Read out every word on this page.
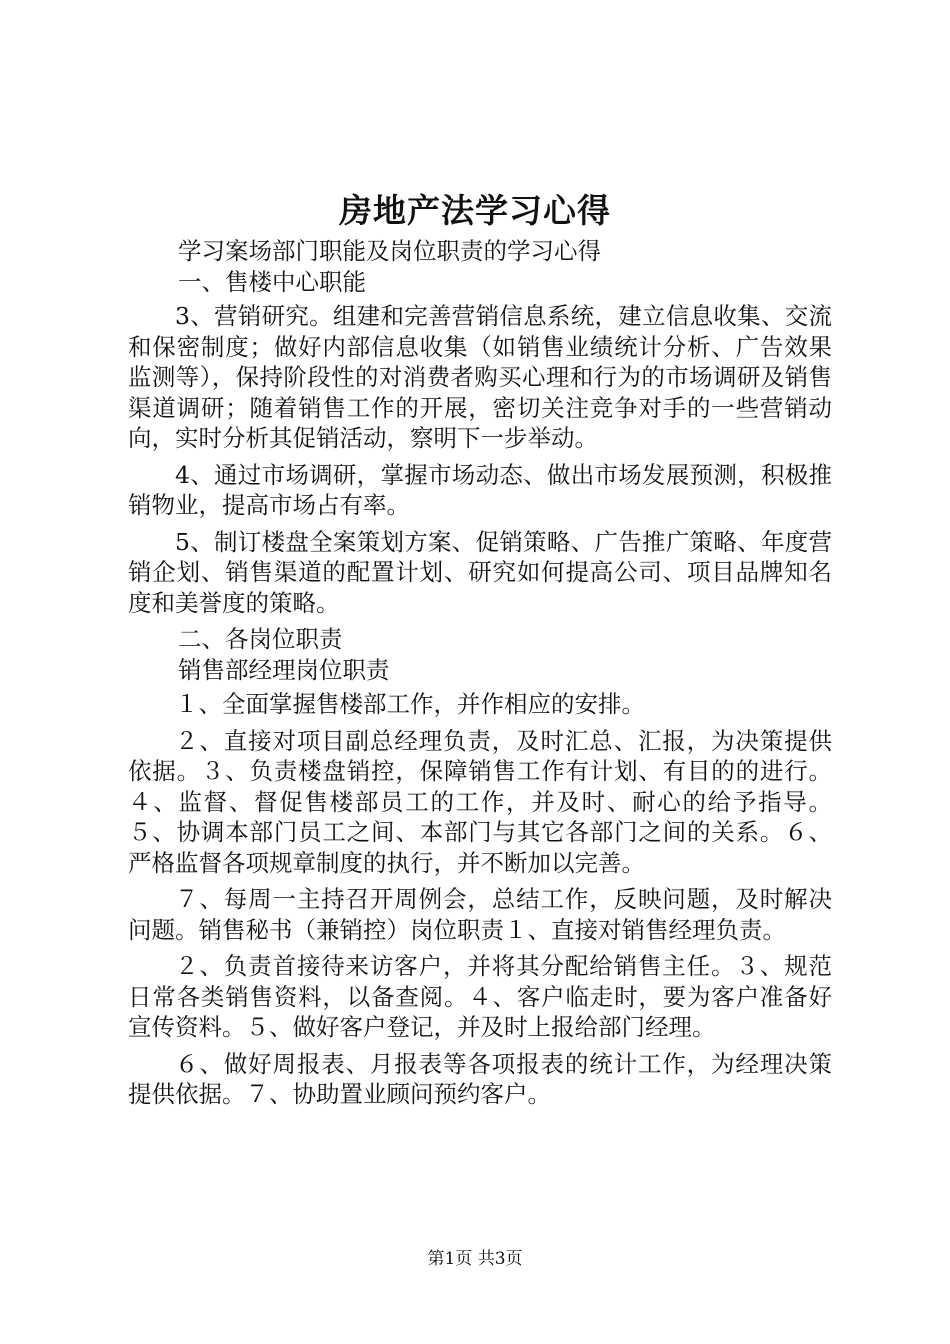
房地产法学习心得
学习案场部门职能及岗位职责的学习心得
一、售楼中心职能
3、营销研究。组建和完善营销信息系统，建立信息收集、交流和保密制度；做好内部信息收集（如销售业绩统计分析、广告效果监测等），保持阶段性的对消费者购买心理和行为的市场调研及销售渠道调研；随着销售工作的开展，密切关注竞争对手的一些营销动向，实时分析其促销活动，察明下一步举动。
4、通过市场调研，掌握市场动态、做出市场发展预测，积极推销物业，提高市场占有率。
5、制订楼盘全案策划方案、促销策略、广告推广策略、年度营销企划、销售渠道的配置计划、研究如何提高公司、项目品牌知名度和美誉度的策略。
二、各岗位职责
销售部经理岗位职责
１、全面掌握售楼部工作，并作相应的安排。
２、直接对项目副总经理负责，及时汇总、汇报，为决策提供依据。３、负责楼盘销控，保障销售工作有计划、有目的的进行。４、监督、督促售楼部员工的工作，并及时、耐心的给予指导。５、协调本部门员工之间、本部门与其它各部门之间的关系。６、严格监督各项规章制度的执行，并不断加以完善。
７、每周一主持召开周例会，总结工作，反映问题，及时解决问题。销售秘书（兼销控）岗位职责１、直接对销售经理负责。
２、负责首接待来访客户，并将其分配给销售主任。３、规范日常各类销售资料，以备查阅。４、客户临走时，要为客户准备好宣传资料。５、做好客户登记，并及时上报给部门经理。
６、做好周报表、月报表等各项报表的统计工作，为经理决策提供依据。７、协助置业顾问预约客户。
第1页 共3页
